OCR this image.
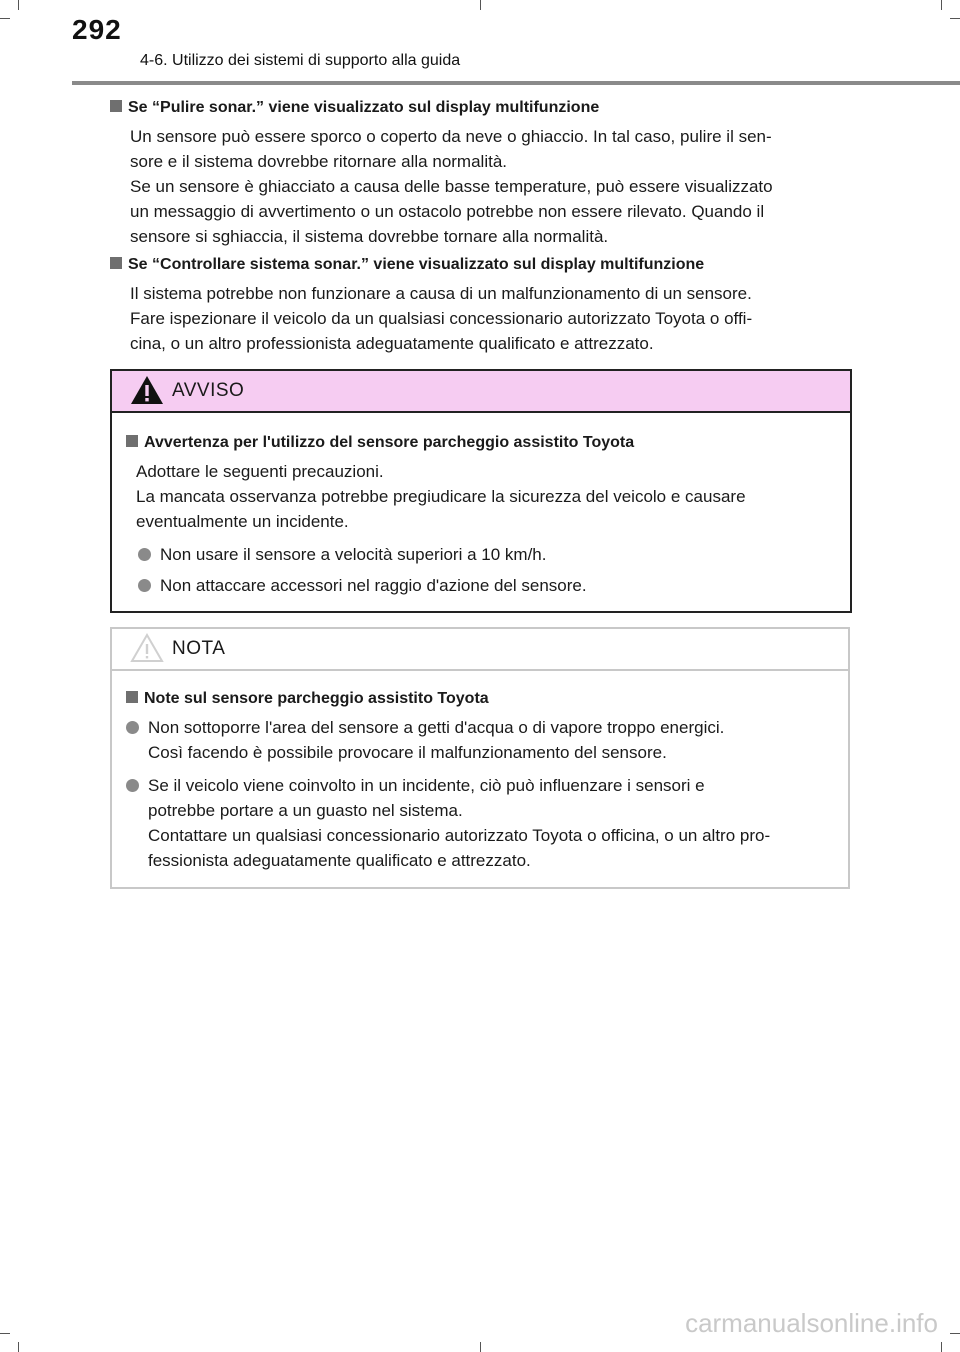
292
4-6. Utilizzo dei sistemi di supporto alla guida

Se “Pulire sonar.” viene visualizzato sul display multifunzione

Un sensore può essere sporco o coperto da neve o ghiaccio. In tal caso, pulire il sen-
sore e il sistema dovrebbe ritornare alla normalità.
Se un sensore è ghiacciato a causa delle basse temperature, può essere visualizzato
un messaggio di avvertimento o un ostacolo potrebbe non essere rilevato. Quando il
sensore si sghiaccia, il sistema dovrebbe tornare alla normalità.

Se “Controllare sistema sonar.” viene visualizzato sul display multifunzione

Il sistema potrebbe non funzionare a causa di un malfunzionamento di un sensore.
Fare ispezionare il veicolo da un qualsiasi concessionario autorizzato Toyota o offi-
cina, o un altro professionista adeguatamente qualificato e attrezzato.

AVVISO

Avvertenza per l'utilizzo del sensore parcheggio assistito Toyota

Adottare le seguenti precauzioni.
La mancata osservanza potrebbe pregiudicare la sicurezza del veicolo e causare
eventualmente un incidente.

Non usare il sensore a velocità superiori a 10 km/h.
Non attaccare accessori nel raggio d'azione del sensore.
NOTA

Note sul sensore parcheggio assistito Toyota

Non sottoporre l'area del sensore a getti d'acqua o di vapore troppo energici.
Così facendo è possibile provocare il malfunzionamento del sensore.
Se il veicolo viene coinvolto in un incidente, ciò può influenzare i sensori e
potrebbe portare a un guasto nel sistema.
Contattare un qualsiasi concessionario autorizzato Toyota o officina, o un altro pro-
fessionista adeguatamente qualificato e attrezzato.
carmanualsonline.info
